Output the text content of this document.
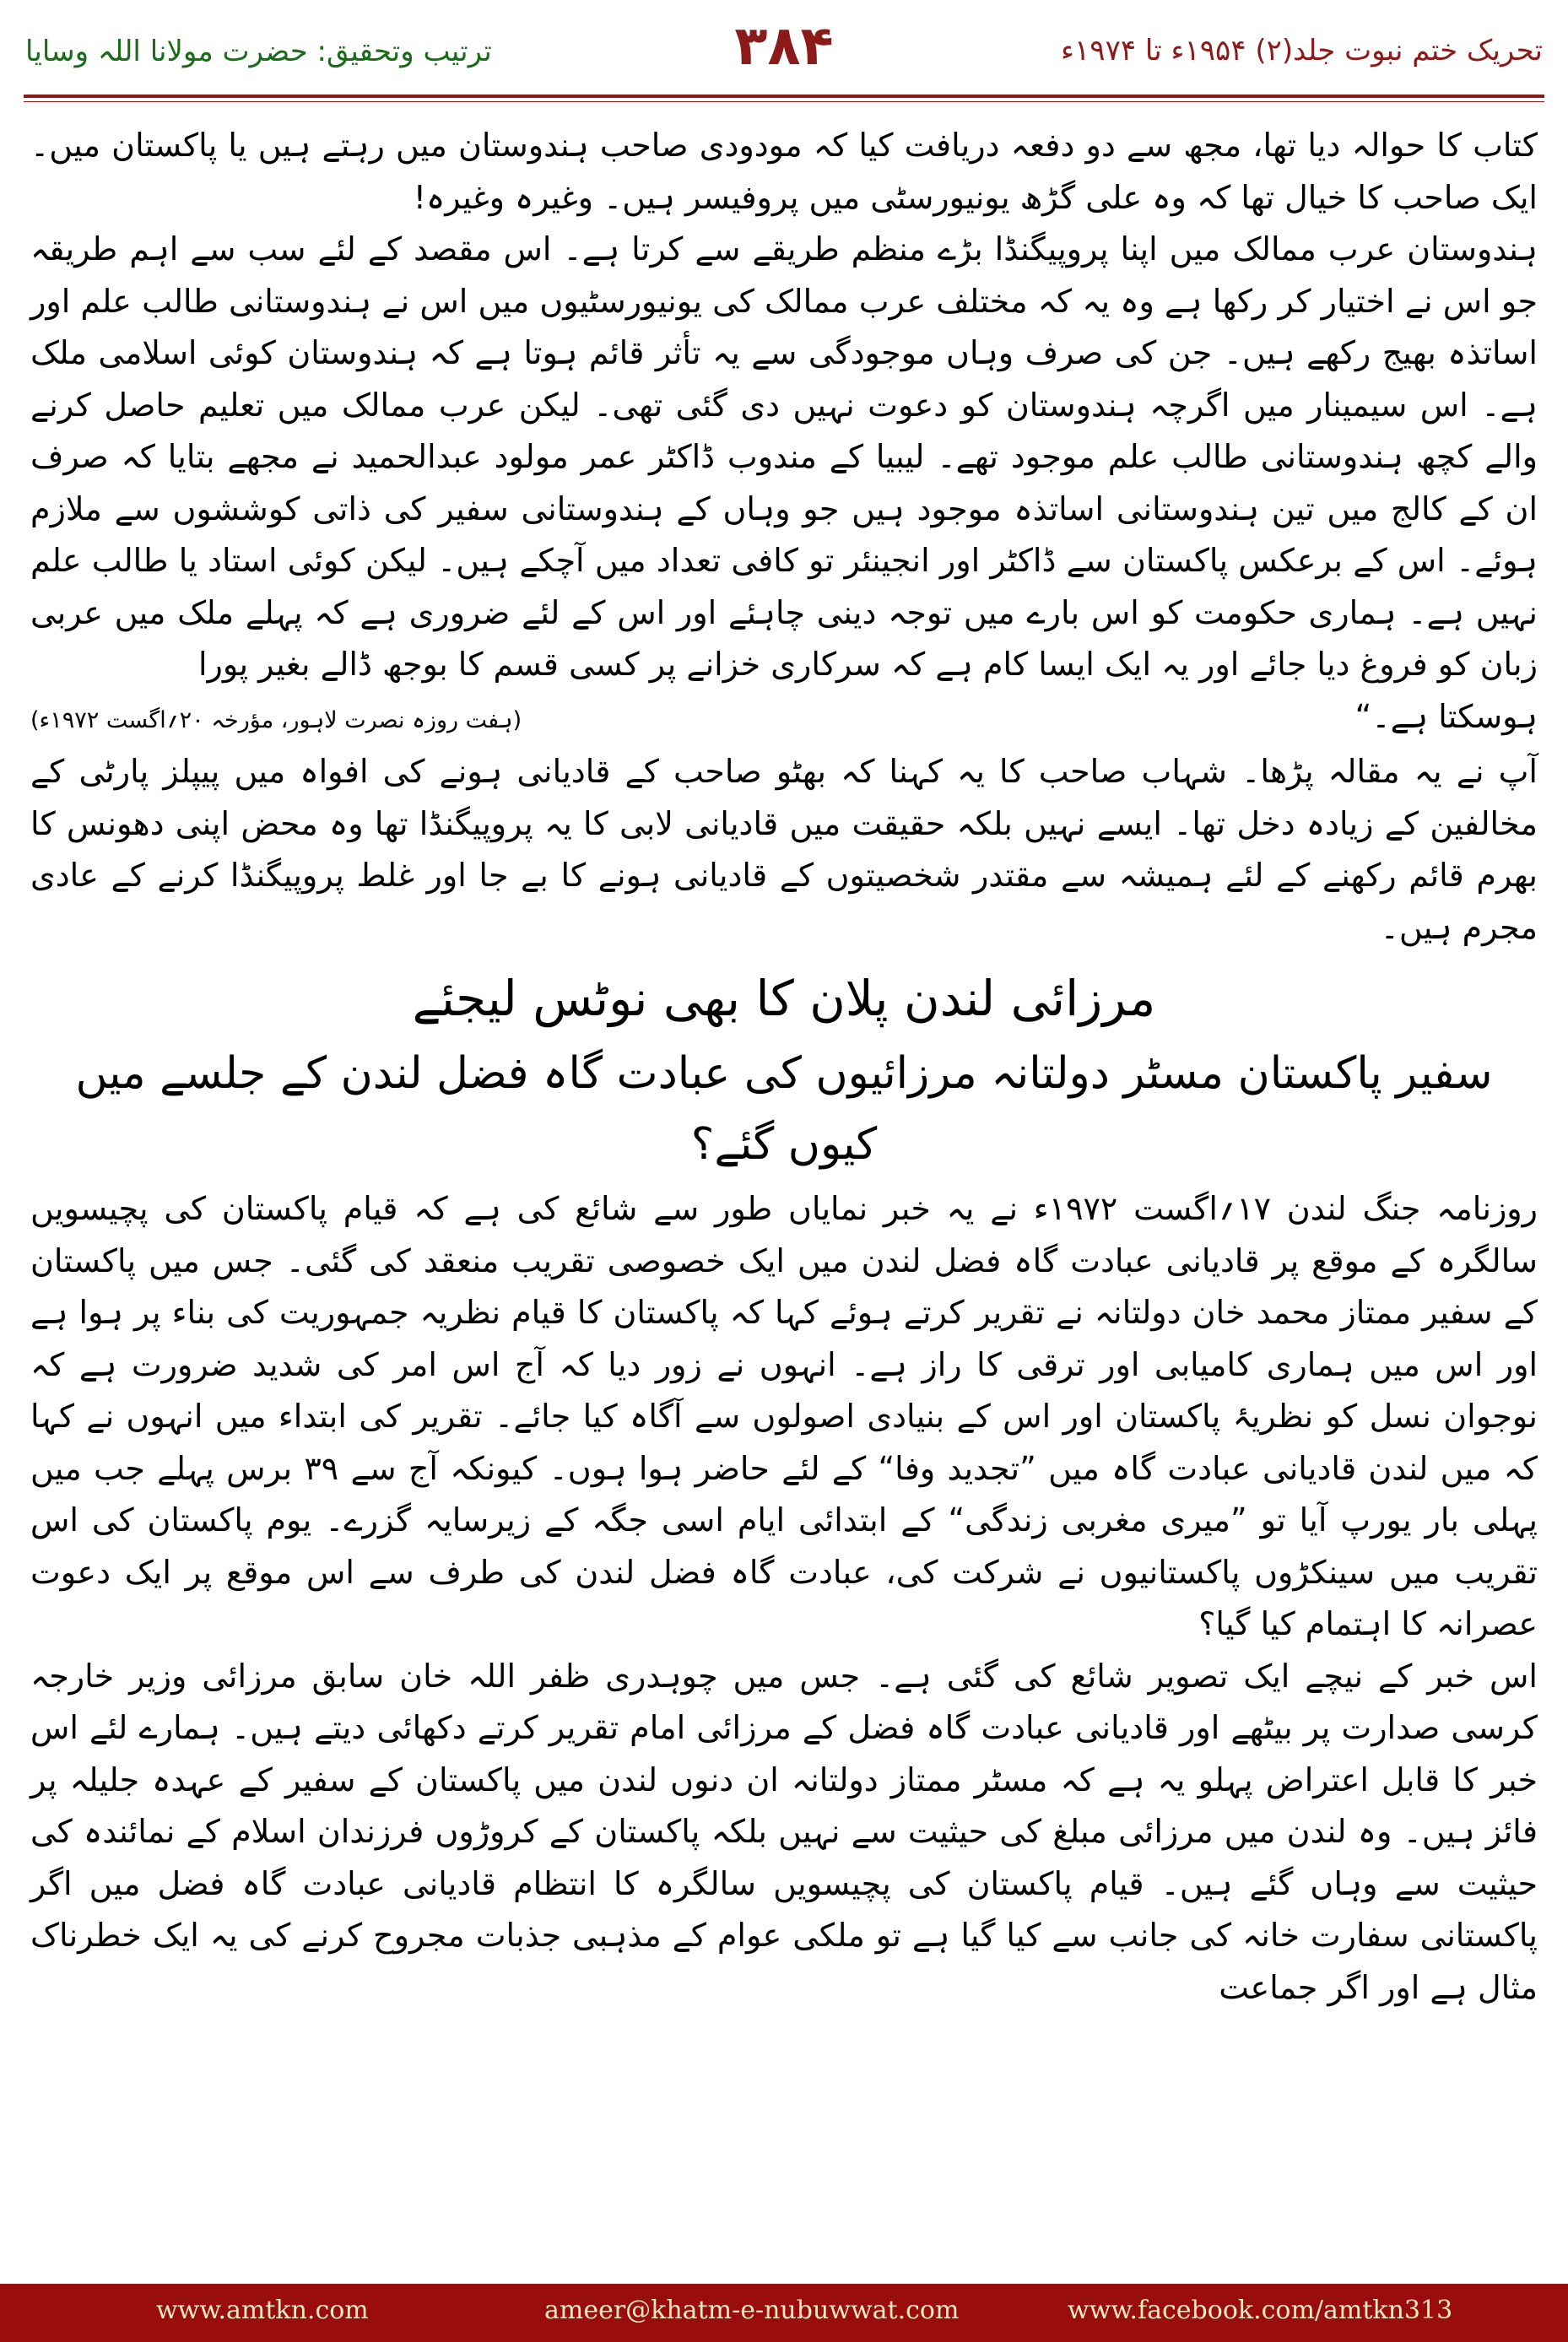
ترتیب وتحقیق: حضرت مولانا اللہ وسایا	۳۸۴	تحریک ختم نبوت جلد(۲) ۱۹۵۴ء تا ۱۹۷۴ء

کتاب کا حوالہ دیا تھا، مجھ سے دو دفعہ دریافت کیا کہ مودودی صاحب ہندوستان میں رہتے ہیں یا پاکستان میں۔ ایک صاحب کا خیال تھا کہ وہ علی گڑھ یونیورسٹی میں پروفیسر ہیں۔ وغیرہ وغیرہ!

ہندوستان عرب ممالک میں اپنا پروپیگنڈا بڑے منظم طریقے سے کرتا ہے۔ اس مقصد کے لئے سب سے اہم طریقہ جو اس نے اختیار کر رکھا ہے وہ یہ کہ مختلف عرب ممالک کی یونیورسٹیوں میں اس نے ہندوستانی طالب علم اور اساتذہ بھیج رکھے ہیں۔ جن کی صرف وہاں موجودگی سے یہ تأثر قائم ہوتا ہے کہ ہندوستان کوئی اسلامی ملک ہے۔ اس سیمینار میں اگرچہ ہندوستان کو دعوت نہیں دی گئی تھی۔ لیکن عرب ممالک میں تعلیم حاصل کرنے والے کچھ ہندوستانی طالب علم موجود تھے۔ لیبیا کے مندوب ڈاکٹر عمر مولود عبدالحمید نے مجھے بتایا کہ صرف ان کے کالج میں تین ہندوستانی اساتذہ موجود ہیں جو وہاں کے ہندوستانی سفیر کی ذاتی کوششوں سے ملازم ہوئے۔ اس کے برعکس پاکستان سے ڈاکٹر اور انجینئر تو کافی تعداد میں آچکے ہیں۔ لیکن کوئی استاد یا طالب علم نہیں ہے۔ ہماری حکومت کو اس بارے میں توجہ دینی چاہئے اور اس کے لئے ضروری ہے کہ پہلے ملک میں عربی زبان کو فروغ دیا جائے اور یہ ایک ایسا کام ہے کہ سرکاری خزانے پر کسی قسم کا بوجھ ڈالے بغیر پورا

ہوسکتا ہے۔“
(ہفت روزہ نصرت لاہور، مؤرخہ ۲۰؍اگست ۱۹۷۲ء)

آپ نے یہ مقالہ پڑھا۔ شہاب صاحب کا یہ کہنا کہ بھٹو صاحب کے قادیانی ہونے کی افواہ میں پیپلز پارٹی کے مخالفین کے زیادہ دخل تھا۔ ایسے نہیں بلکہ حقیقت میں قادیانی لابی کا یہ پروپیگنڈا تھا وہ محض اپنی دھونس کا بھرم قائم رکھنے کے لئے ہمیشہ سے مقتدر شخصیتوں کے قادیانی ہونے کا بے جا اور غلط پروپیگنڈا کرنے کے عادی مجرم ہیں۔

مرزائی لندن پلان کا بھی نوٹس لیجئے
سفیر پاکستان مسٹر دولتانہ مرزائیوں کی عبادت گاہ فضل لندن کے جلسے میں کیوں گئے؟

روزنامہ جنگ لندن ۱۷؍اگست ۱۹۷۲ء نے یہ خبر نمایاں طور سے شائع کی ہے کہ قیام پاکستان کی پچیسویں سالگرہ کے موقع پر قادیانی عبادت گاہ فضل لندن میں ایک خصوصی تقریب منعقد کی گئی۔ جس میں پاکستان کے سفیر ممتاز محمد خان دولتانہ نے تقریر کرتے ہوئے کہا کہ پاکستان کا قیام نظریہ جمہوریت کی بناء پر ہوا ہے اور اس میں ہماری کامیابی اور ترقی کا راز ہے۔ انہوں نے زور دیا کہ آج اس امر کی شدید ضرورت ہے کہ نوجوان نسل کو نظریۂ پاکستان اور اس کے بنیادی اصولوں سے آگاہ کیا جائے۔ تقریر کی ابتداء میں انہوں نے کہا کہ میں لندن قادیانی عبادت گاہ میں ”تجدید وفا“ کے لئے حاضر ہوا ہوں۔ کیونکہ آج سے ۳۹ برس پہلے جب میں پہلی بار یورپ آیا تو ”میری مغربی زندگی“ کے ابتدائی ایام اسی جگہ کے زیرسایہ گزرے۔ یوم پاکستان کی اس تقریب میں سینکڑوں پاکستانیوں نے شرکت کی، عبادت گاہ فضل لندن کی طرف سے اس موقع پر ایک دعوت عصرانہ کا اہتمام کیا گیا؟

اس خبر کے نیچے ایک تصویر شائع کی گئی ہے۔ جس میں چوہدری ظفر اللہ خان سابق مرزائی وزیر خارجہ کرسی صدارت پر بیٹھے اور قادیانی عبادت گاہ فضل کے مرزائی امام تقریر کرتے دکھائی دیتے ہیں۔ ہمارے لئے اس خبر کا قابل اعتراض پہلو یہ ہے کہ مسٹر ممتاز دولتانہ ان دنوں لندن میں پاکستان کے سفیر کے عہدہ جلیلہ پر فائز ہیں۔ وہ لندن میں مرزائی مبلغ کی حیثیت سے نہیں بلکہ پاکستان کے کروڑوں فرزندان اسلام کے نمائندہ کی حیثیت سے وہاں گئے ہیں۔ قیام پاکستان کی پچیسویں سالگرہ کا انتظام قادیانی عبادت گاہ فضل میں اگر پاکستانی سفارت خانہ کی جانب سے کیا گیا ہے تو ملکی عوام کے مذہبی جذبات مجروح کرنے کی یہ ایک خطرناک مثال ہے اور اگر جماعت

www.amtkn.com	ameer@khatm-e-nubuwwat.com	www.facebook.com/amtkn313
